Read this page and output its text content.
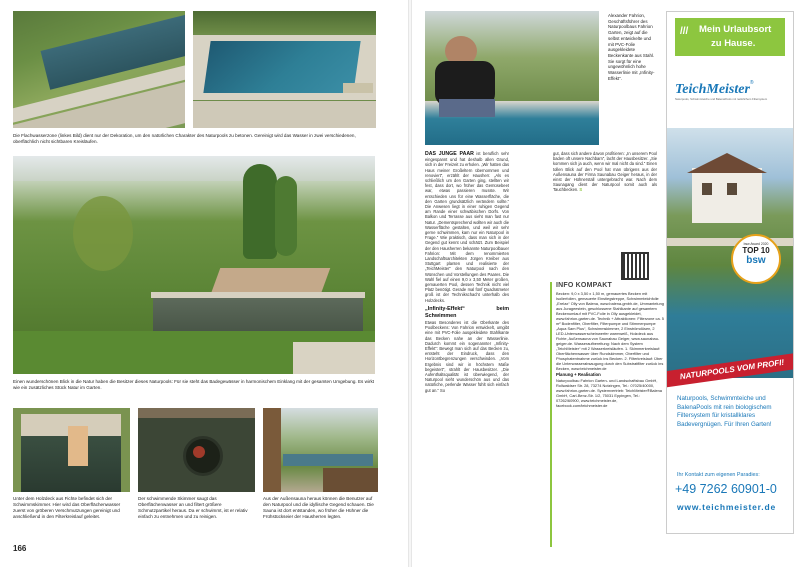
Die Flachwasserzone (linkes Bild) dient nur der Dekoration, um den natürlichen Charakter des Naturpools zu betonen. Gereinigt wird das Wasser in zwei verschiedenen, oberflächlich nicht sichtbaren Kreisläufen.
Einen wunderschönen Blick in die Natur haben die Besitzer dieses Naturpools: Für sie steht das Badegewässer in harmonischem Einklang mit der gesamten Umgebung. Es wirkt wie ein zusätzliches Stück Natur im Garten.
Unter dem Holzdeck aus Fichte befindet sich der Schwimmskimmer. Hier wird das Oberflächenwasser zuerst von gröberen Verschmutzungen gereinigt und anschließend in den Filterkreislauf geleitet.
Der schwimmende Skimmer saugt das Oberflächenwasser an und filtert größere Schmutzpartikel heraus. Da er schwimmt, ist er relativ einfach zu entnehmen und zu reinigen.
Aus der Außensauna heraus können die Benutzer auf den Naturpool und die idyllische Gegend schauen. Die Sauna ist dort entstanden, wo früher die Hühner die Frühstückseier der Hausherren legten.
166
Alexander Fahrion, Geschäftsführer des Naturpoolbaus Fahrion Garten, zeigt auf die selbst entwickelte und mit PVC-Folie ausgekleidete Beckenkante aus Stahl. Sie sorgt für eine ungewöhnlich hohe Wasserlinie mit „Infinity-Effekt“.
DAS JUNGE PAAR ist beruflich sehr eingespannt und hat deshalb allen Grund, sich in der Freizeit zu erholen. „Wir hatten das Haus meiner Großeltern übernommen und renoviert“, erzählt der Hausherr. „Als es schließlich um den Garten ging, stellten wir fest, dass dort, wo früher das Gemüsebeet war, etwas passieren musste. Wir entschieden uns für eine Wasserfläche, die den Garten grundsätzlich verändern sollte.“ Die Anwesen liegt in einer ruhigen Gegend am Rande einer schwäbischen Dorfs. Von Balkon und Terrasse aus sieht man fast nur Natur. „Dementsprechend wollten wir auch die Wasserfläche gestalten, und weil wir sehr gerne schwimmen, kam nur ein Naturpool in Frage.“ Wie praktisch, dass man sich in der Gegend gut kennt und schätzt. Zum Beispiel der den Hausherren bekannte Naturpoolbauer Fahrion: Mit dem renommierten Landschaftsarchitekten Jürgen Kreiber aus Stuttgart planten und realisierte der „TeichMeister“ den Naturpool nach den Wünschen und Vorstellungen des Paares. Die Wahl fiel auf einen 9,0 x 3,50 Meter großen, gemauerten Pool, dessen Technik nicht viel Platz benötigt. Gerade mal fünf Quadratmeter groß ist der Technikschacht unterhalb des Holzdecks.
„Infinity-Effekt“ beim Schwimmen
Etwas Besonderes ist die Oberkante des Poolbeckens: Von Fahrion entwickelt, umgibt eine mit PVC-Folie ausgekleidete Stahlkante das Becken nahe an der Wasserlinie. Dadurch kommt ein sogenannter „Infinity-Effekt“: Bewegt man sich auf das Becken zu, entsteht der Eindruck, dass den Horizontbegrenzungen verschwinden. „Vom Ergebnis sind wir in höchstem Maße begeistert“, strahlt der Hausbesitzer. „Die Aufenthaltsqualität ist überwiegend, der Naturpool sieht wunderschön aus und das natürliche, perlende Wasser fühlt sich einfach gut an.“ So
gut, dass sich andere davon profitieren: „In unserem Pool baden oft unsere Nachbarn“, lacht der Hausbesitzer. „Sie kommen sich ja auch, wenn wir mal nicht da sind.“ Einen tollen Blick auf den Pool hat man übrigens aus der Außensauna der Firma Saunabau Geiger heraus, in der einst der Hühnerstall untergebracht war. Nach dem Saunagang dient der Naturpool somit auch als Tauchbecken. S
INFO KOMPAKT
Becken: 9,0 x 3,50 x 1,50 m, gemauertes Becken mit Isolierfolien, gemauerte Einstiegstreppe, Schwimmteichfolie „Erelax“ Olly von Balena, www.balena-gmbh.de, Ummantelung aus Jurageestein, geschlossene Stahlkante auf gesamtem Beckenumlauf mit PVC-Folie in Olly ausgekleidet, www.fahrion-garten.de. Technik + Attraktionen: Filterzone ca. 5 m² Bodenfilter, Oberfilter, Filterpumpe und Stimmerpumpe „Aqua Sam Plus“, Schwimmskimmer, 2 Einströmdüsen, 2 LED-Unterwasserscheinwerfer warmweiß, Holzdeck aus Fichte, Außensauna von Saunabau Geiger, www.saunabau-geiger.de. Wasseraufbereitung: Nach dem System „TeichMeister“ mit 2 Wasserkreisläufen. 1. Skimmerkreislauf: Oberflächenwasser über Rundskimmer, Oberfilter und Phosphatentnahme zurück ins Becken. 2. Filterkreislauf: Über die Unterwasserabsaugung durch den Substratfilter zurück ins Becken, www.teichmeister.de
Planung + Realisation
Naturpoolbau Fahrion Garten- und Landschaftsbau GmbH, Rollwaldser Str. 28, 73274 Notzingen, Tel.: 07025/40000, www.fahrion-garten.de. Systemvertrieb: TeichMeister®Balena GmbH, Carl-Benz-Str. 1/2, 75031 Eppingen, Tel.: 07262/60900, www.teichmeister.de, facebook.com/teichmeister.de
/// Mein Urlaubsort
zu Hause.
TeichMeister®
Naturpools, Schwimmteiche und BalenaPools mit natürlichem Filtersystem
bsw Award 2020
TOP 10
bsw
NATURPOOLS VOM PROFI!
Naturpools, Schwimmteiche und BalenaPools mit rein biologischem Filtersystem für kristallklares Badevergnügen. Für Ihren Garten!
Ihr Kontakt zum eigenen Paradies:
+49 7262 60901-0
www.teichmeister.de
